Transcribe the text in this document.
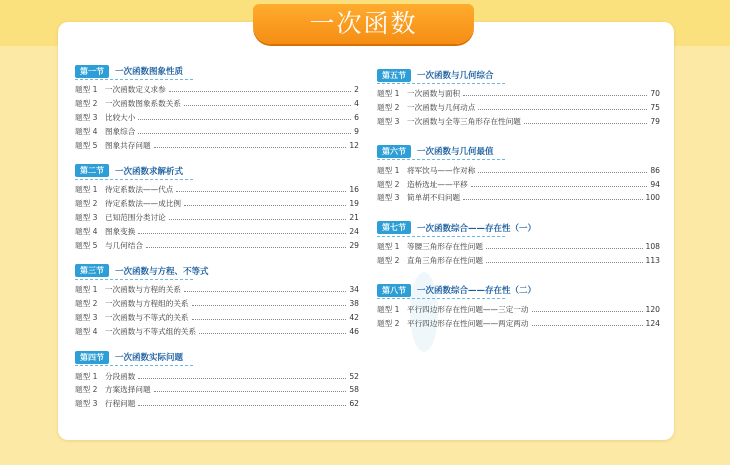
一次函数
第一节	一次函数图象性质
题型 1 一次函数定义求参	2
题型 2 一次函数图象系数关系	4
题型 3 比较大小	6
题型 4 图象综合	9
题型 5 图象共存问题	12
第二节	一次函数求解析式
题型 1 待定系数法——代点	16
题型 2 待定系数法——成比例	19
题型 3 已知范围分类讨论	21
题型 4 图象变换	24
题型 5 与几何结合	29
第三节	一次函数与方程、不等式
题型 1 一次函数与方程的关系	34
题型 2 一次函数与方程组的关系	38
题型 3 一次函数与不等式的关系	42
题型 4 一次函数与不等式组的关系	46
第四节	一次函数实际问题
题型 1 分段函数	52
题型 2 方案选择问题	58
题型 3 行程问题	62
第五节	一次函数与几何综合
题型 1 一次函数与面积	70
题型 2 一次函数与几何动点	75
题型 3 一次函数与全等三角形存在性问题	79
第六节	一次函数与几何最值
题型 1 将军饮马——作对称	86
题型 2 造桥选址——平移	94
题型 3 简单胡不归问题	100
第七节	一次函数综合——存在性（一）
题型 1 等腰三角形存在性问题	108
题型 2 直角三角形存在性问题	113
第八节	一次函数综合——存在性（二）
题型 1 平行四边形存在性问题——三定一动	120
题型 2 平行四边形存在性问题——两定两动	124
